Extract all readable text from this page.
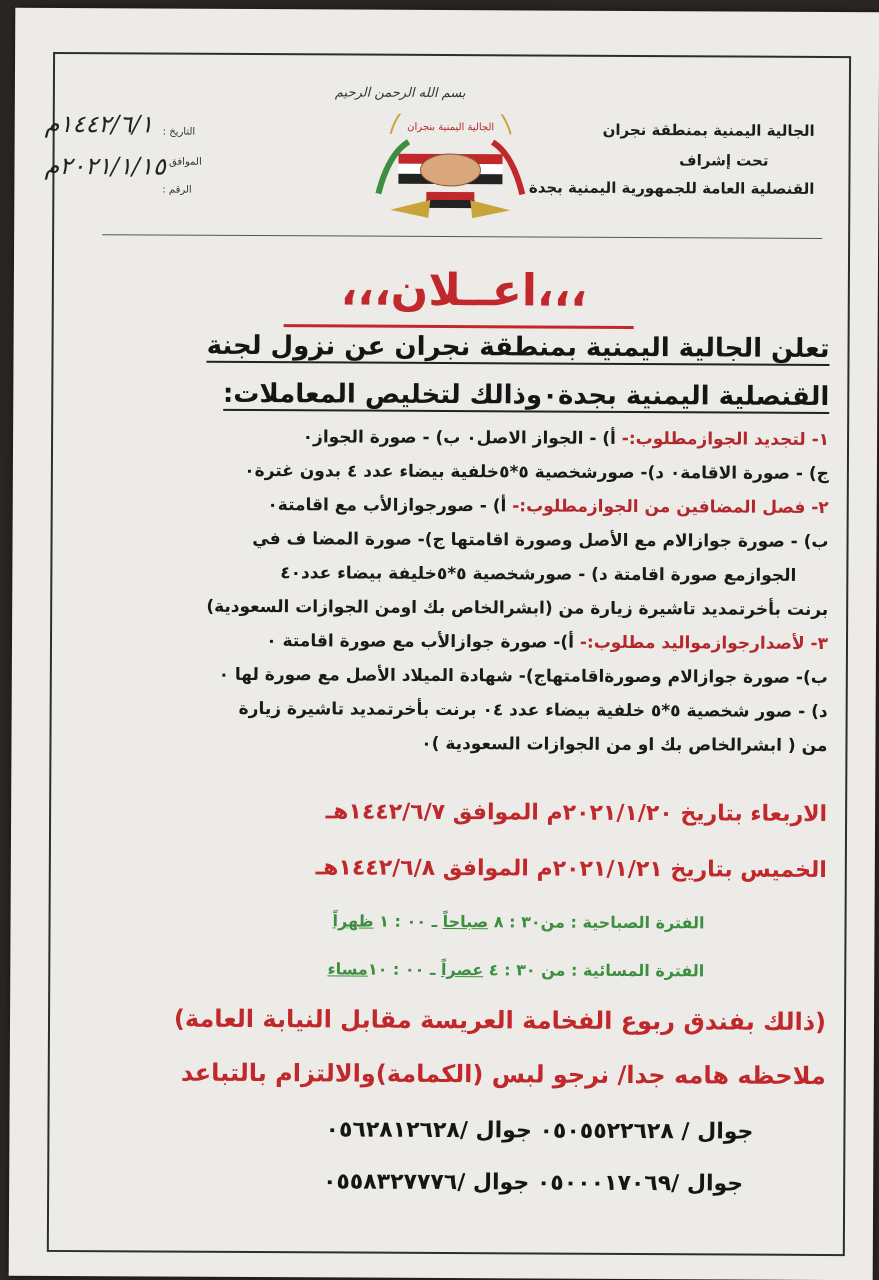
بسم الله الرحمن الرحيم
الجالية اليمنية بمنطقة نجران
تحت إشراف
القنصلية العامة للجمهورية اليمنية بجدة
التاريخ :
الموافق :
الرقم :
١٤٤٢/٦/١م
٢٠٢١/١/١٥م
الجالية اليمنية بنجران
،،،اعــلان،،،
تعلن الجالية اليمنية بمنطقة نجران عن نزول لجنة
القنصلية اليمنية بجدة٠وذالك لتخليص المعاملات:
١- لتجديد الجوازمطلوب:- أ) - الجواز الاصل٠ ب) - صورة الجواز٠
ج) - صورة الاقامة٠ د)- صورشخصية ٥*٥خلفية بيضاء عدد ٤ بدون غترة٠
٢- فصل المضافين من الجوازمطلوب:- أ) - صورجوازالأب مع اقامتة٠
ب) - صورة جوازالام مع الأصل وصورة اقامتها ج)- صورة المضا ف في
الجوازمع صورة اقامتة د) - صورشخصية ٥*٥خليفة بيضاء عدد٤٠
برنت بأخرتمديد تاشيرة زيارة من (ابشرالخاص بك اومن الجوازات السعودية)
٣- لأصدارجوازمواليد مطلوب:- أ)- صورة جوازالأب مع صورة اقامتة ٠
ب)- صورة جوازالام وصورةاقامتهاج)- شهادة الميلاد الأصل مع صورة لها ٠
د) - صور شخصية ٥*٥ خلفية بيضاء عدد ٠٤ برنت بأخرتمديد تاشيرة زيارة
من ( ابشرالخاص بك او من الجوازات السعودية )٠
الاربعاء بتاريخ ٢٠٢١/١/٢٠م الموافق ١٤٤٢/٦/٧هـ
الخميس بتاريخ ٢٠٢١/١/٢١م الموافق ١٤٤٢/٦/٨هـ
الفترة الصباحية : من٣٠ : ٨ صباحاً ـ ٠٠ : ١ ظهراً
الفترة المسائية : من ٣٠ : ٤ عصراً ـ ٠٠ : ١٠مساء
(ذالك بفندق ربوع الفخامة العريسة مقابل النيابة العامة)
ملاحظه هامه جدا/ نرجو لبس (الكمامة)والالتزام بالتباعد
جوال / ٠٥٠٥٥٢٢٦٢٨ جوال /٠٥٦٢٨١٢٦٢٨
جوال /٠٥٠٠٠١٧٠٦٩ جوال /٠٥٥٨٣٢٧٧٧٦
